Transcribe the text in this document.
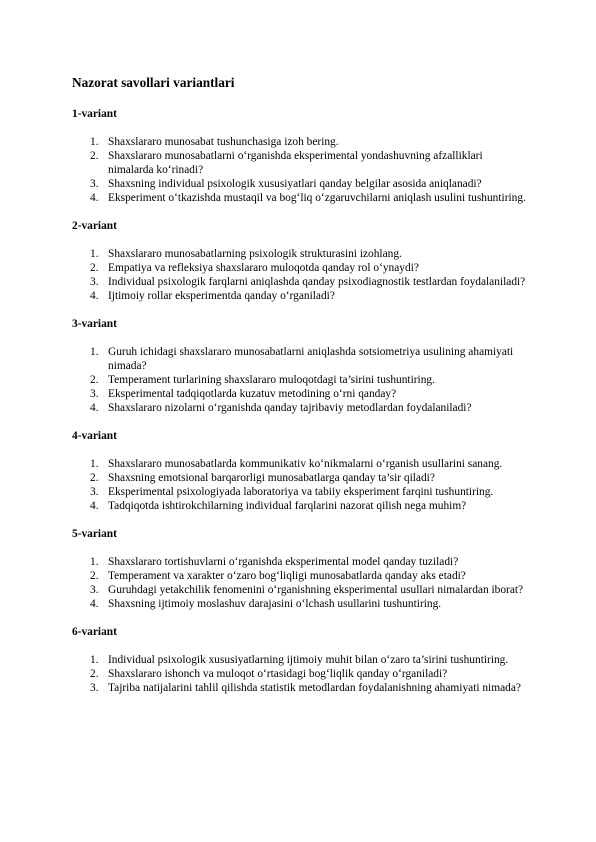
Nazorat savollari variantlari
1-variant
1. Shaxslararo munosabat tushunchasiga izoh bering.
2. Shaxslararo munosabatlarni o‘rganishda eksperimental yondashuvning afzalliklari nimalarda ko‘rinadi?
3. Shaxsning individual psixologik xususiyatlari qanday belgilar asosida aniqlanadi?
4. Eksperiment o‘tkazishda mustaqil va bog‘liq o‘zgaruvchilarni aniqlash usulini tushuntiring.
2-variant
1. Shaxslararo munosabatlarning psixologik strukturasini izohlang.
2. Empatiya va refleksiya shaxslararo muloqotda qanday rol o‘ynaydi?
3. Individual psixologik farqlarni aniqlashda qanday psixodiagnostik testlardan foydalaniladi?
4. Ijtimoiy rollar eksperimentda qanday o‘rganiladi?
3-variant
1. Guruh ichidagi shaxslararo munosabatlarni aniqlashda sotsiometriya usulining ahamiyati nimada?
2. Temperament turlarining shaxslararo muloqotdagi ta’sirini tushuntiring.
3. Eksperimental tadqiqotlarda kuzatuv metodining o‘rni qanday?
4. Shaxslararo nizolarni o‘rganishda qanday tajribaviy metodlardan foydalaniladi?
4-variant
1. Shaxslararo munosabatlarda kommunikativ ko‘nikmalarni o‘rganish usullarini sanang.
2. Shaxsning emotsional barqarorligi munosabatlarga qanday ta’sir qiladi?
3. Eksperimental psixologiyada laboratoriya va tabiiy eksperiment farqini tushuntiring.
4. Tadqiqotda ishtirokchilarning individual farqlarini nazorat qilish nega muhim?
5-variant
1. Shaxslararo tortishuvlarni o‘rganishda eksperimental model qanday tuziladi?
2. Temperament va xarakter o‘zaro bog‘liqligi munosabatlarda qanday aks etadi?
3. Guruhdagi yetakchilik fenomenini o‘rganishning eksperimental usullari nimalardan iborat?
4. Shaxsning ijtimoiy moslashuv darajasini o‘lchash usullarini tushuntiring.
6-variant
1. Individual psixologik xususiyatlarning ijtimoiy muhit bilan o‘zaro ta’sirini tushuntiring.
2. Shaxslararo ishonch va muloqot o‘rtasidagi bog‘liqlik qanday o‘rganiladi?
3. Tajriba natijalarini tahlil qilishda statistik metodlardan foydalanishning ahamiyati nimada?
